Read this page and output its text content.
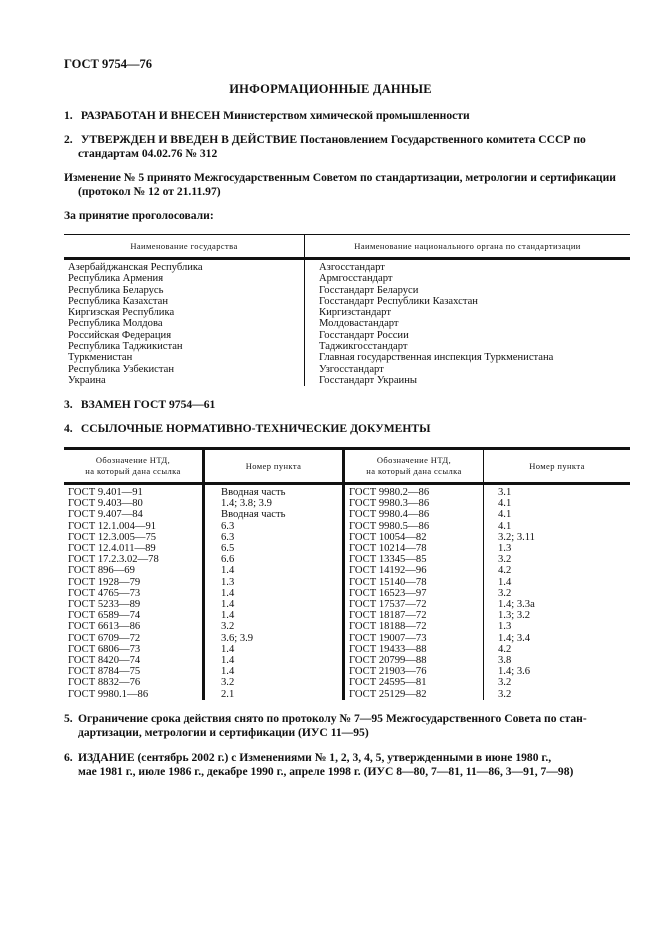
ГОСТ 9754—76
ИНФОРМАЦИОННЫЕ ДАННЫЕ
1. РАЗРАБОТАН И ВНЕСЕН Министерством химической промышленности
2. УТВЕРЖДЕН И ВВЕДЕН В ДЕЙСТВИЕ Постановлением Государственного комитета СССР по
стандартам 04.02.76 № 312
Изменение № 5 принято Межгосударственным Советом по стандартизации, метрологии и сертификации
(протокол № 12 от 21.11.97)
За принятие проголосовали:
Наименование государства	Наименование национального органа по стандартизации
Азербайджанская Республика	Азгосстандарт
Республика Армения	Армгосстандарт
Республика Беларусь	Госстандарт Беларуси
Республика Казахстан	Госстандарт Республики Казахстан
Киргизская Республика	Киргизстандарт
Республика Молдова	Молдовастандарт
Российская Федерация	Госстандарт России
Республика Таджикистан	Таджикгосстандарт
Туркменистан	Главная государственная инспекция Туркменистана
Республика Узбекистан	Узгосстандарт
Украина	Госстандарт Украины
3. ВЗАМЕН ГОСТ 9754—61
4. ССЫЛОЧНЫЕ НОРМАТИВНО-ТЕХНИЧЕСКИЕ ДОКУМЕНТЫ
Обозначение НТД,
на который дана ссылка	Номер пункта	Обозначение НТД,
на который дана ссылка	Номер пункта
ГОСТ 9.401—91	Вводная часть	ГОСТ 9980.2—86	3.1
ГОСТ 9.403—80	1.4; 3.8; 3.9	ГОСТ 9980.3—86	4.1
ГОСТ 9.407—84	Вводная часть	ГОСТ 9980.4—86	4.1
ГОСТ 12.1.004—91	6.3	ГОСТ 9980.5—86	4.1
ГОСТ 12.3.005—75	6.3	ГОСТ 10054—82	3.2; 3.11
ГОСТ 12.4.011—89	6.5	ГОСТ 10214—78	1.3
ГОСТ 17.2.3.02—78	6.6	ГОСТ 13345—85	3.2
ГОСТ 896—69	1.4	ГОСТ 14192—96	4.2
ГОСТ 1928—79	1.3	ГОСТ 15140—78	1.4
ГОСТ 4765—73	1.4	ГОСТ 16523—97	3.2
ГОСТ 5233—89	1.4	ГОСТ 17537—72	1.4; 3.3а
ГОСТ 6589—74	1.4	ГОСТ 18187—72	1.3; 3.2
ГОСТ 6613—86	3.2	ГОСТ 18188—72	1.3
ГОСТ 6709—72	3.6; 3.9	ГОСТ 19007—73	1.4; 3.4
ГОСТ 6806—73	1.4	ГОСТ 19433—88	4.2
ГОСТ 8420—74	1.4	ГОСТ 20799—88	3.8
ГОСТ 8784—75	1.4	ГОСТ 21903—76	1.4; 3.6
ГОСТ 8832—76	3.2	ГОСТ 24595—81	3.2
ГОСТ 9980.1—86	2.1	ГОСТ 25129—82	3.2
5. Ограничение срока действия снято по протоколу № 7—95 Межгосударственного Совета по стан-
дартизации, метрологии и сертификации (ИУС 11—95)
6. ИЗДАНИЕ (сентябрь 2002 г.) с Изменениями № 1, 2, 3, 4, 5, утвержденными в июне 1980 г.,
мае 1981 г., июле 1986 г., декабре 1990 г., апреле 1998 г. (ИУС 8—80, 7—81, 11—86, 3—91, 7—98)
